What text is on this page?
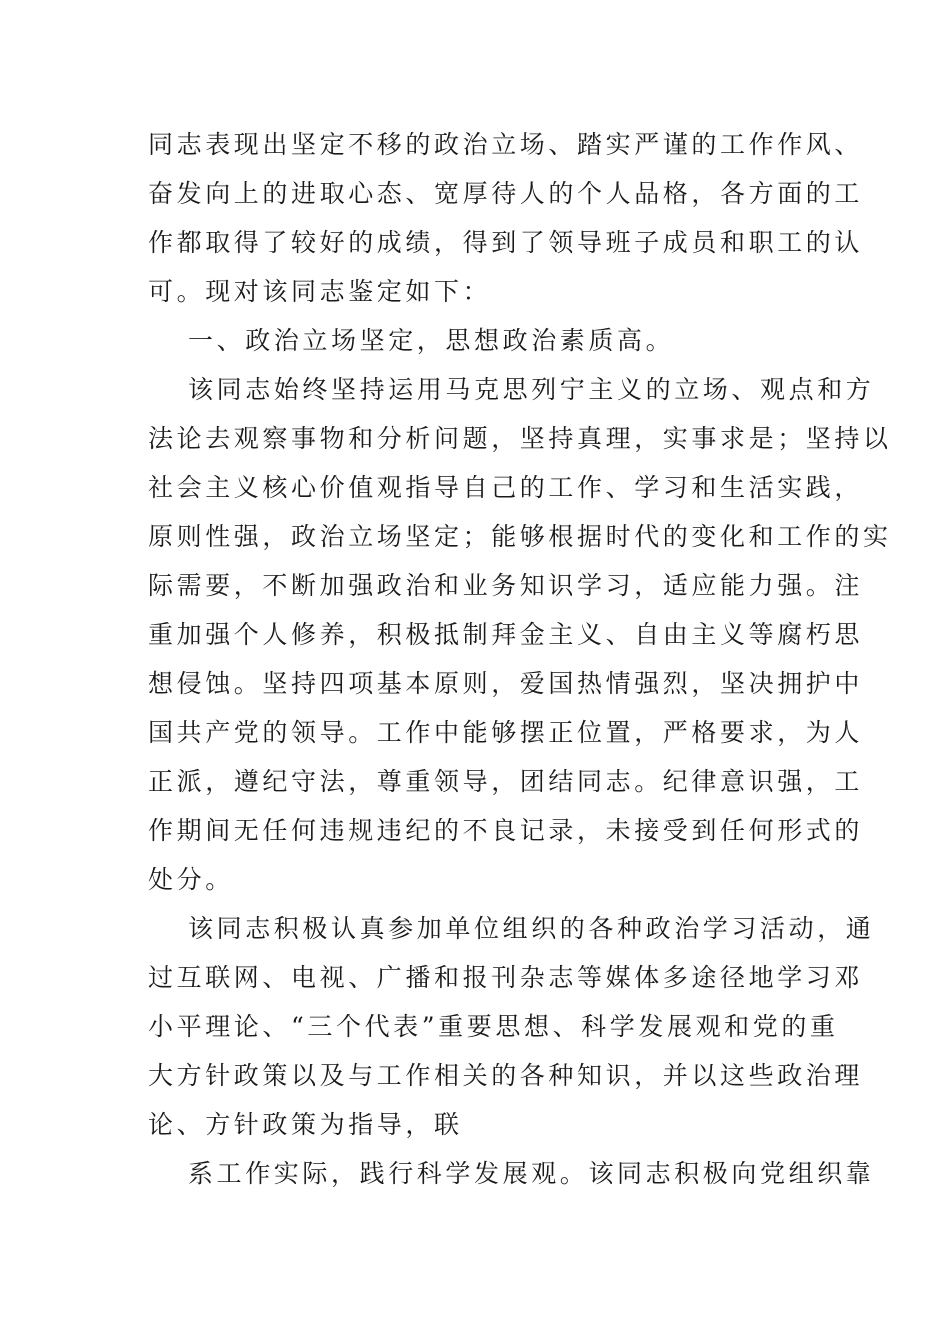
同志表现出坚定不移的政治立场、踏实严谨的工作作风、
奋发向上的进取心态、宽厚待人的个人品格，各方面的工
作都取得了较好的成绩，得到了领导班子成员和职工的认
可。现对该同志鉴定如下：
一、政治立场坚定，思想政治素质高。
该同志始终坚持运用马克思列宁主义的立场、观点和方
法论去观察事物和分析问题，坚持真理，实事求是；坚持以
社会主义核心价值观指导自己的工作、学习和生活实践，
原则性强，政治立场坚定；能够根据时代的变化和工作的实
际需要，不断加强政治和业务知识学习，适应能力强。注
重加强个人修养，积极抵制拜金主义、自由主义等腐朽思
想侵蚀。坚持四项基本原则，爱国热情强烈，坚决拥护中
国共产党的领导。工作中能够摆正位置，严格要求，为人
正派，遵纪守法，尊重领导，团结同志。纪律意识强，工
作期间无任何违规违纪的不良记录，未接受到任何形式的
处分。
该同志积极认真参加单位组织的各种政治学习活动，通
过互联网、电视、广播和报刊杂志等媒体多途径地学习邓
小平理论、“三个代表”重要思想、科学发展观和党的重
大方针政策以及与工作相关的各种知识，并以这些政治理
论、方针政策为指导，联
系工作实际，践行科学发展观。该同志积极向党组织靠
